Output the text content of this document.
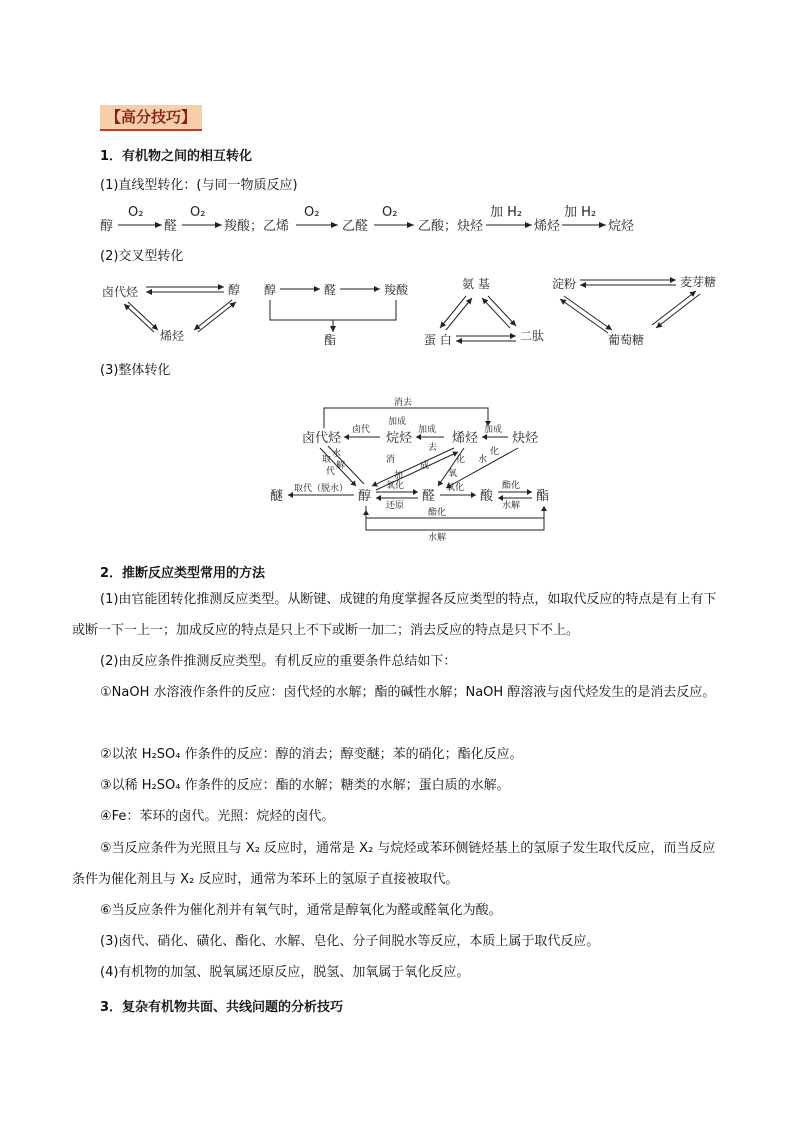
【高分技巧】
1．有机物之间的相互转化
(1)直线型转化：(与同一物质反应)
醇
O₂
醛
O₂
羧酸；乙烯
O₂
乙醛
O₂
乙酸；炔烃
加 H₂
烯烃
加 H₂
烷烃
(2)交叉型转化
卤代烃	醇
烯烃
醇	醛	羧酸
酯
氨 基
蛋 白	二肽
淀粉	麦芽糖
葡萄糖
(3)整体转化
消去
卤代烃	烷烃	烯烃	炔烃
卤代	加成	加成
加成
水
解
取
代
消
去
加
成
化
氧
水
化
醚	醇	醛	酸	酯
取代（脱水）	氧化
还原
氧化	酯化
水解
酯化
水解
2．推断反应类型常用的方法
(1)由官能团转化推测反应类型。从断键、成键的角度掌握各反应类型的特点，如取代反应的特点是有上有下或断一下一上一；加成反应的特点是只上不下或断一加二；消去反应的特点是只下不上。
(2)由反应条件推测反应类型。有机反应的重要条件总结如下：
①NaOH 水溶液作条件的反应：卤代烃的水解；酯的碱性水解；NaOH 醇溶液与卤代烃发生的是消去反应。
②以浓 H₂SO₄ 作条件的反应：醇的消去；醇变醚；苯的硝化；酯化反应。
③以稀 H₂SO₄ 作条件的反应：酯的水解；糖类的水解；蛋白质的水解。
④Fe：苯环的卤代。光照：烷烃的卤代。
⑤当反应条件为光照且与 X₂ 反应时，通常是 X₂ 与烷烃或苯环侧链烃基上的氢原子发生取代反应，而当反应条件为催化剂且与 X₂ 反应时，通常为苯环上的氢原子直接被取代。
⑥当反应条件为催化剂并有氧气时，通常是醇氧化为醛或醛氧化为酸。
(3)卤代、硝化、磺化、酯化、水解、皂化、分子间脱水等反应，本质上属于取代反应。
(4)有机物的加氢、脱氧属还原反应，脱氢、加氧属于氧化反应。
3．复杂有机物共面、共线问题的分析技巧
